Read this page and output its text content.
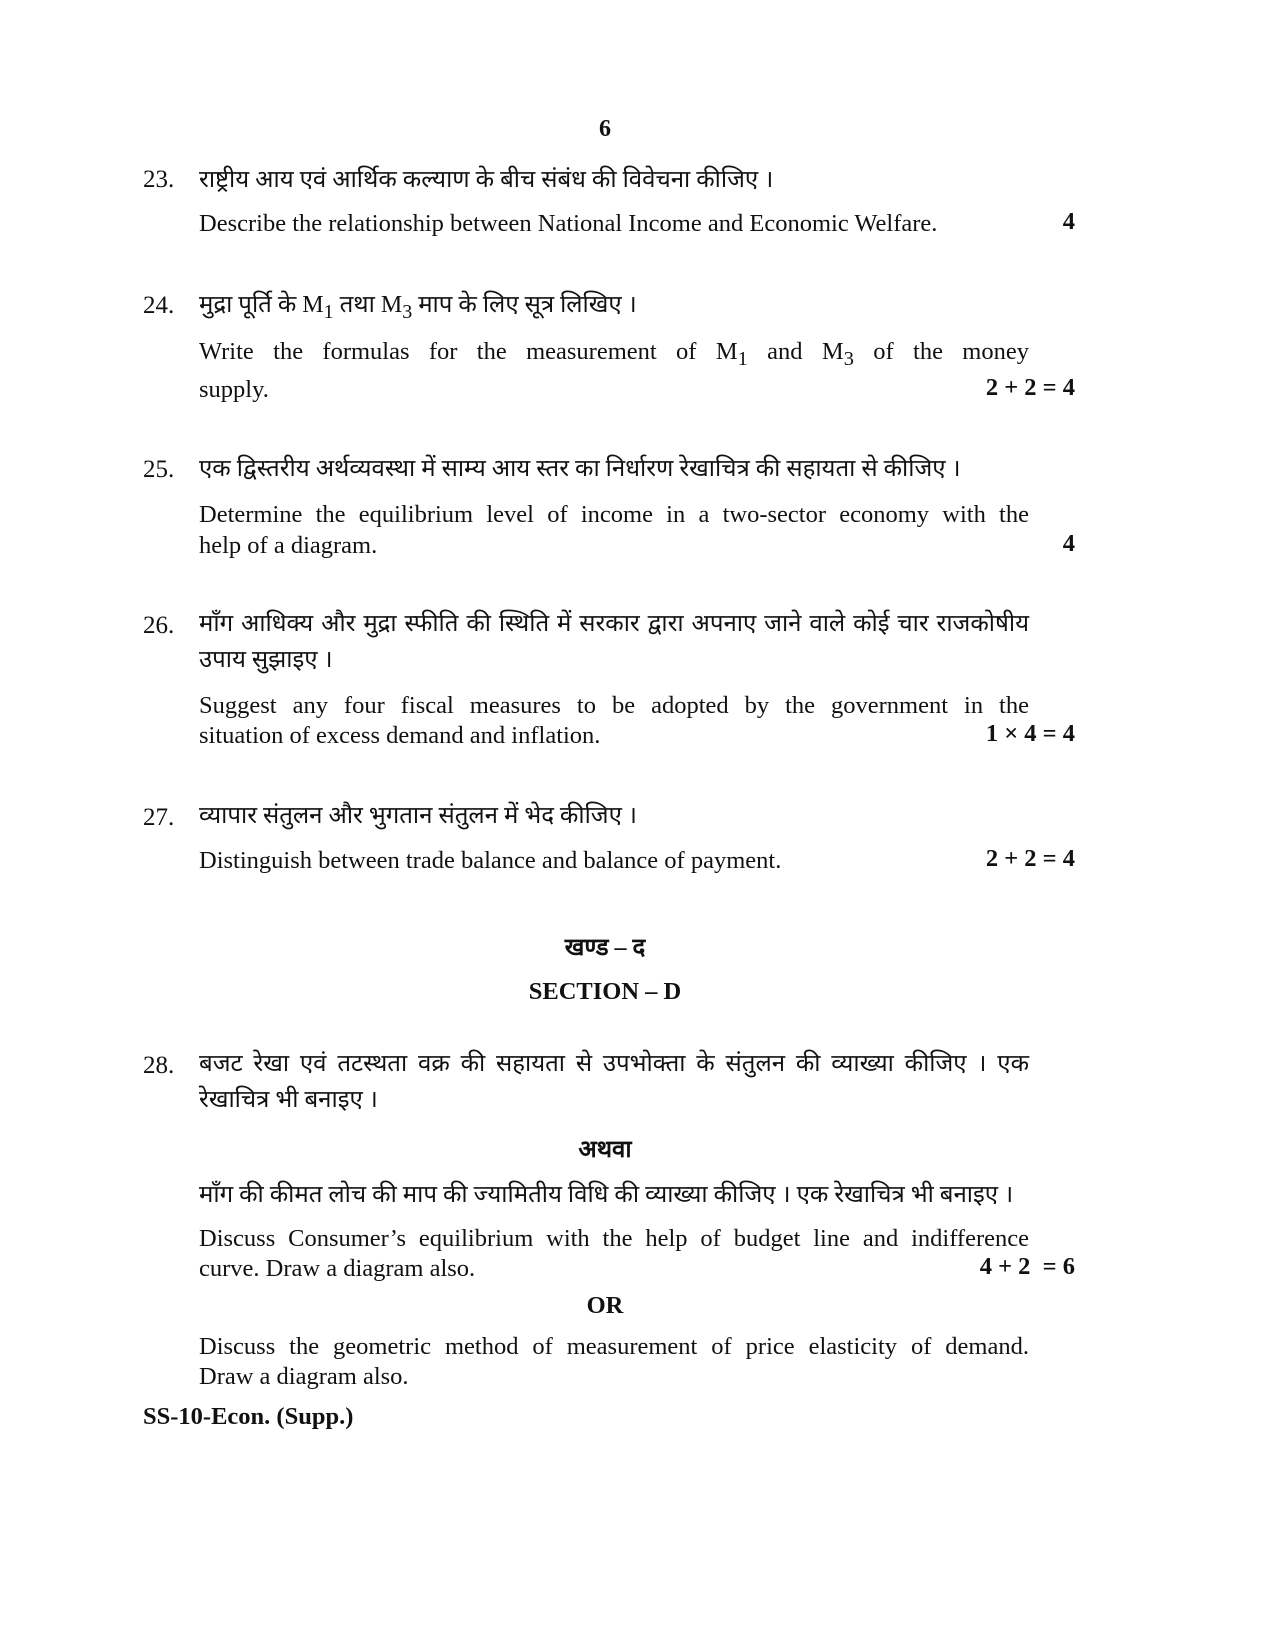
6
23. राष्ट्रीय आय एवं आर्थिक कल्याण के बीच संबंध की विवेचना कीजिए ।
Describe the relationship between National Income and Economic Welfare.	4
24. मुद्रा पूर्ति के $M_1$ तथा $M_3$ माप के लिए सूत्र लिखिए ।
Write the formulas for the measurement of $M_1$ and $M_3$ of the money
supply.	2 + 2 = 4
25. एक द्विस्तरीय अर्थव्यवस्था में साम्य आय स्तर का निर्धारण रेखाचित्र की सहायता से कीजिए ।
Determine the equilibrium level of income in a two-sector economy with the
help of a diagram.	4
26. माँग आधिक्य और मुद्रा स्फीति की स्थिति में सरकार द्वारा अपनाए जाने वाले कोई चार राजकोषीय उपाय सुझाइए ।
Suggest any four fiscal measures to be adopted by the government in the
situation of excess demand and inflation.	1 × 4 = 4
27. व्यापार संतुलन और भुगतान संतुलन में भेद कीजिए ।
Distinguish between trade balance and balance of payment.	2 + 2 = 4
खण्ड – द
SECTION – D
28. बजट रेखा एवं तटस्थता वक्र की सहायता से उपभोक्ता के संतुलन की व्याख्या कीजिए । एक रेखाचित्र भी बनाइए ।
अथवा
माँग की कीमत लोच की माप की ज्यामितीय विधि की व्याख्या कीजिए । एक रेखाचित्र भी बनाइए ।
Discuss Consumer’s equilibrium with the help of budget line and indifference
curve. Draw a diagram also.	4 + 2  = 6
OR
Discuss the geometric method of measurement of price elasticity of demand.
Draw a diagram also.
SS-10-Econ. (Supp.)
